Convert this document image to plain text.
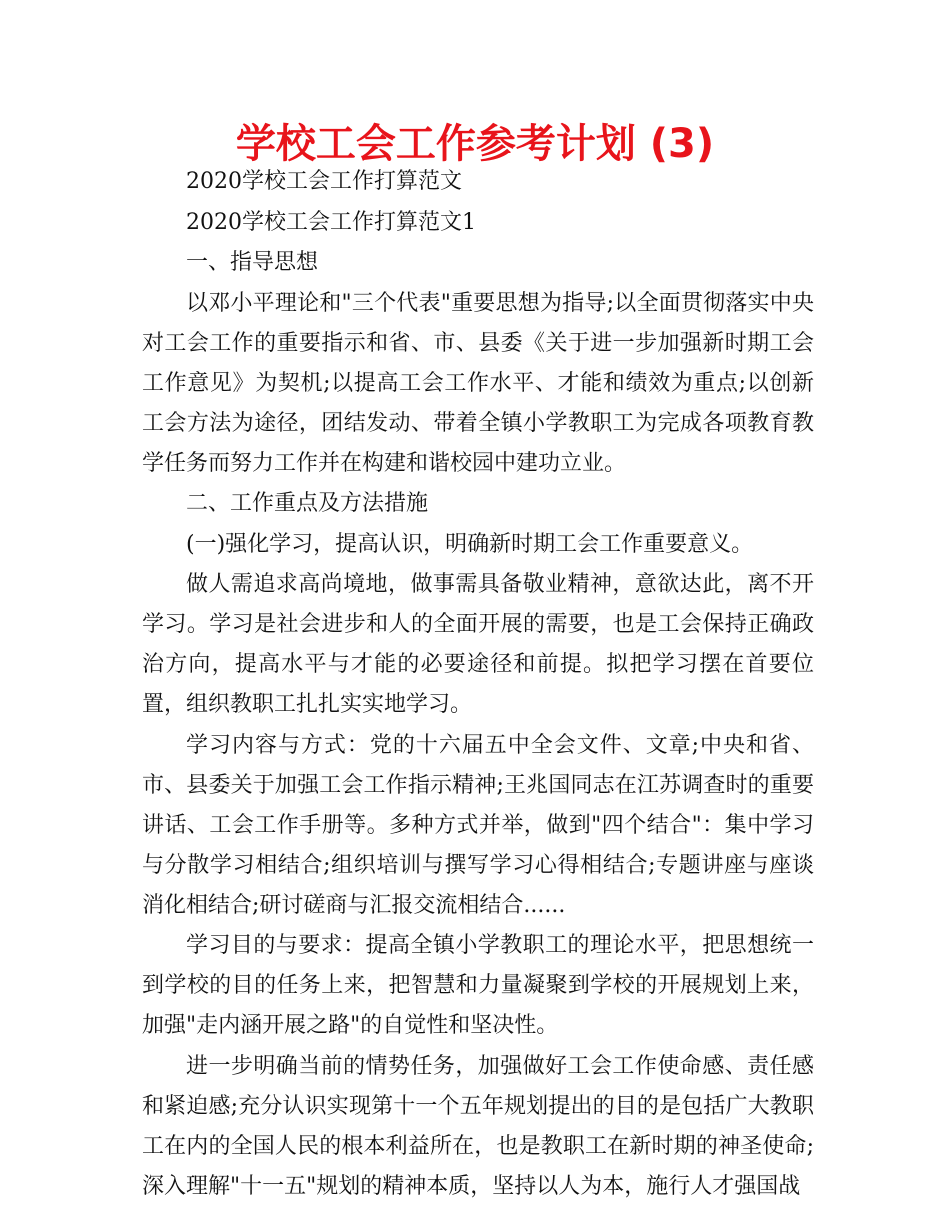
学校工会工作参考计划 (3)

2020学校工会工作打算范文

2020学校工会工作打算范文1

一、指导思想

以邓小平理论和"三个代表"重要思想为指导;以全面贯彻落实中央对工会工作的重要指示和省、市、县委《关于进一步加强新时期工会工作意见》为契机;以提高工会工作水平、才能和绩效为重点;以创新工会方法为途径，团结发动、带着全镇小学教职工为完成各项教育教学任务而努力工作并在构建和谐校园中建功立业。

二、工作重点及方法措施

(一)强化学习，提高认识，明确新时期工会工作重要意义。

做人需追求高尚境地，做事需具备敬业精神，意欲达此，离不开学习。学习是社会进步和人的全面开展的需要，也是工会保持正确政治方向，提高水平与才能的必要途径和前提。拟把学习摆在首要位置，组织教职工扎扎实实地学习。

学习内容与方式：党的十六届五中全会文件、文章;中央和省、市、县委关于加强工会工作指示精神;王兆国同志在江苏调查时的重要讲话、工会工作手册等。多种方式并举，做到"四个结合"：集中学习与分散学习相结合;组织培训与撰写学习心得相结合;专题讲座与座谈消化相结合;研讨磋商与汇报交流相结合......

学习目的与要求：提高全镇小学教职工的理论水平，把思想统一到学校的目的任务上来，把智慧和力量凝聚到学校的开展规划上来，加强"走内涵开展之路"的自觉性和坚决性。

进一步明确当前的情势任务，加强做好工会工作使命感、责任感和紧迫感;充分认识实现第十一个五年规划提出的目的是包括广大教职工在内的全国人民的根本利益所在，也是教职工在新时期的神圣使命;深入理解"十一五"规划的精神本质，坚持以人为本，施行人才强国战
